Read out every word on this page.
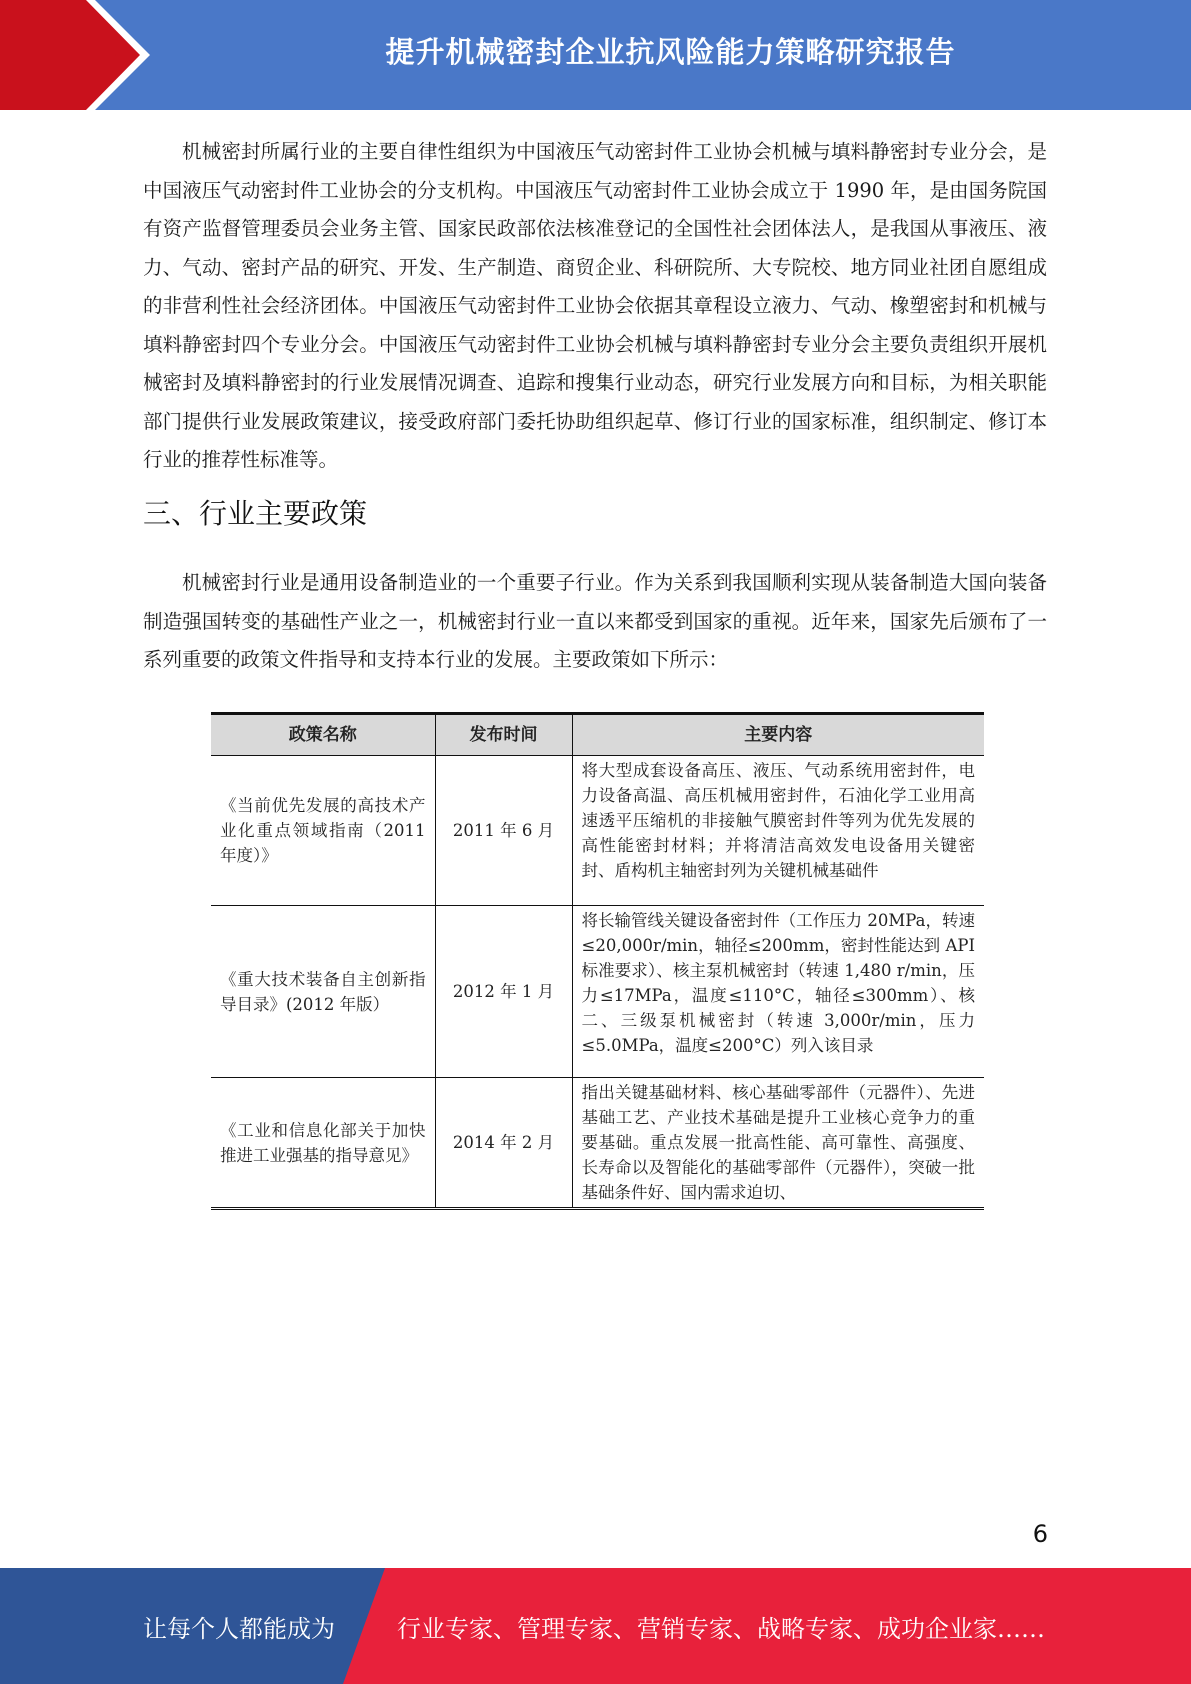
提升机械密封企业抗风险能力策略研究报告

机械密封所属行业的主要自律性组织为中国液压气动密封件工业协会机械与填料静密封专业分会，是中国液压气动密封件工业协会的分支机构。中国液压气动密封件工业协会成立于 1990 年，是由国务院国有资产监督管理委员会业务主管、国家民政部依法核准登记的全国性社会团体法人，是我国从事液压、液力、气动、密封产品的研究、开发、生产制造、商贸企业、科研院所、大专院校、地方同业社团自愿组成的非营利性社会经济团体。中国液压气动密封件工业协会依据其章程设立液力、气动、橡塑密封和机械与填料静密封四个专业分会。中国液压气动密封件工业协会机械与填料静密封专业分会主要负责组织开展机械密封及填料静密封的行业发展情况调查、追踪和搜集行业动态，研究行业发展方向和目标，为相关职能部门提供行业发展政策建议，接受政府部门委托协助组织起草、修订行业的国家标准，组织制定、修订本行业的推荐性标准等。

三、行业主要政策

机械密封行业是通用设备制造业的一个重要子行业。作为关系到我国顺利实现从装备制造大国向装备制造强国转变的基础性产业之一，机械密封行业一直以来都受到国家的重视。近年来，国家先后颁布了一系列重要的政策文件指导和支持本行业的发展。主要政策如下所示：

政策名称	发布时间	主要内容
《当前优先发展的高技术产业化重点领域指南（2011 年度）》	2011 年 6 月	将大型成套设备高压、液压、气动系统用密封件，电力设备高温、高压机械用密封件，石油化学工业用高速透平压缩机的非接触气膜密封件等列为优先发展的高性能密封材料；并将清洁高效发电设备用关键密封、盾构机主轴密封列为关键机械基础件
《重大技术装备自主创新指导目录》(2012 年版）	2012 年 1 月	将长输管线关键设备密封件（工作压力 20MPa，转速≤20,000r/min，轴径≤200mm，密封性能达到 API 标准要求）、核主泵机械密封（转速 1,480 r/min，压力≤17MPa，温度≤110°C，轴径≤300mm）、核二、三级泵机械密封（转速 3,000r/min，压力≤5.0MPa，温度≤200°C）列入该目录
《工业和信息化部关于加快推进工业强基的指导意见》	2014 年 2 月	指出关键基础材料、核心基础零部件（元器件）、先进基础工艺、产业技术基础是提升工业核心竞争力的重要基础。重点发展一批高性能、高可靠性、高强度、长寿命以及智能化的基础零部件（元器件），突破一批基础条件好、国内需求迫切、
6
让每个人都能成为	行业专家、管理专家、营销专家、战略专家、成功企业家……
